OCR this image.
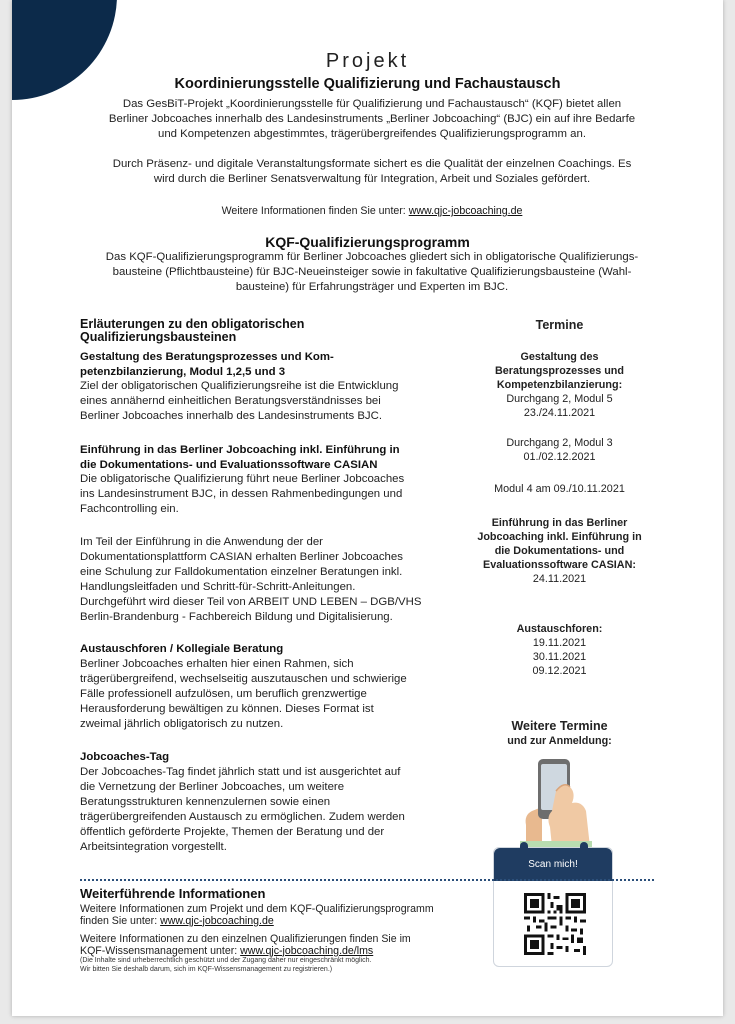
Projekt
Koordinierungsstelle Qualifizierung und Fachaustausch
Das GesBiT-Projekt „Koordinierungsstelle für Qualifizierung und Fachaustausch“ (KQF) bietet allen
Berliner Jobcoaches innerhalb des Landesinstruments „Berliner Jobcoaching“ (BJC) ein auf ihre Bedarfe
und Kompetenzen abgestimmtes, trägerübergreifendes Qualifizierungsprogramm an.
Durch Präsenz- und digitale Veranstaltungsformate sichert es die Qualität der einzelnen Coachings. Es
wird durch die Berliner Senatsverwaltung für Integration, Arbeit und Soziales gefördert.
Weitere Informationen finden Sie unter: www.qjc-jobcoaching.de
KQF-Qualifizierungsprogramm
Das KQF-Qualifizierungsprogramm für Berliner Jobcoaches gliedert sich in obligatorische Qualifizierungs-
bausteine (Pflichtbausteine) für BJC-Neueinsteiger sowie in fakultative Qualifizierungsbausteine (Wahl-
bausteine) für Erfahrungsträger und Experten im BJC.
Erläuterungen zu den obligatorischen
Qualifizierungsbausteinen
Gestaltung des Beratungsprozesses und Kom-
petenzbilanzierung, Modul 1,2,5 und 3
Ziel der obligatorischen Qualifizierungsreihe ist die Entwicklung
eines annähernd einheitlichen Beratungsverständnisses bei
Berliner Jobcoaches innerhalb des Landesinstruments BJC.
Einführung in das Berliner Jobcoaching inkl. Einführung in
die Dokumentations- und Evaluationssoftware CASIAN
Die obligatorische Qualifizierung führt neue Berliner Jobcoaches
ins Landesinstrument BJC, in dessen Rahmenbedingungen und
Fachcontrolling ein.
Im Teil der Einführung in die Anwendung der der
Dokumentationsplattform CASIAN erhalten Berliner Jobcoaches
eine Schulung zur Falldokumentation einzelner Beratungen inkl.
Handlungsleitfaden und Schritt-für-Schritt-Anleitungen.
Durchgeführt wird dieser Teil von ARBEIT UND LEBEN – DGB/VHS
Berlin-Brandenburg - Fachbereich Bildung und Digitalisierung.
Austauschforen / Kollegiale Beratung
Berliner Jobcoaches erhalten hier einen Rahmen, sich
trägerübergreifend, wechselseitig auszutauschen und schwierige
Fälle professionell aufzulösen, um beruflich grenzwertige
Herausforderung bewältigen zu können. Dieses Format ist
zweimal jährlich obligatorisch zu nutzen.
Jobcoaches-Tag
Der Jobcoaches-Tag findet jährlich statt und ist ausgerichtet auf
die Vernetzung der Berliner Jobcoaches, um weitere
Beratungsstrukturen kennenzulernen sowie einen
trägerübergreifenden Austausch zu ermöglichen. Zudem werden
öffentlich geförderte Projekte, Themen der Beratung und der
Arbeitsintegration vorgestellt.
Termine
Gestaltung des
Beratungsprozesses und
Kompetenzbilanzierung:
Durchgang 2, Modul 5
23./24.11.2021
Durchgang 2, Modul 3
01./02.12.2021
Modul 4 am 09./10.11.2021
Einführung in das Berliner
Jobcoaching inkl. Einführung in
die Dokumentations- und
Evaluationssoftware CASIAN:
24.11.2021
Austauschforen:
19.11.2021
30.11.2021
09.12.2021
Weitere Termine
und zur Anmeldung:
Scan mich!
Weiterführende Informationen
Weitere Informationen zum Projekt und dem KQF-Qualifizierungsprogramm
finden Sie unter: www.qjc-jobcoaching.de
Weitere Informationen zu den einzelnen Qualifizierungen finden Sie im
KQF-Wissensmanagement unter: www.qjc-jobcoaching.de/lms
(Die Inhalte sind urheberrechtlich geschützt und der Zugang daher nur eingeschränkt möglich.
Wir bitten Sie deshalb darum, sich im KQF-Wissensmanagement zu registrieren.)
